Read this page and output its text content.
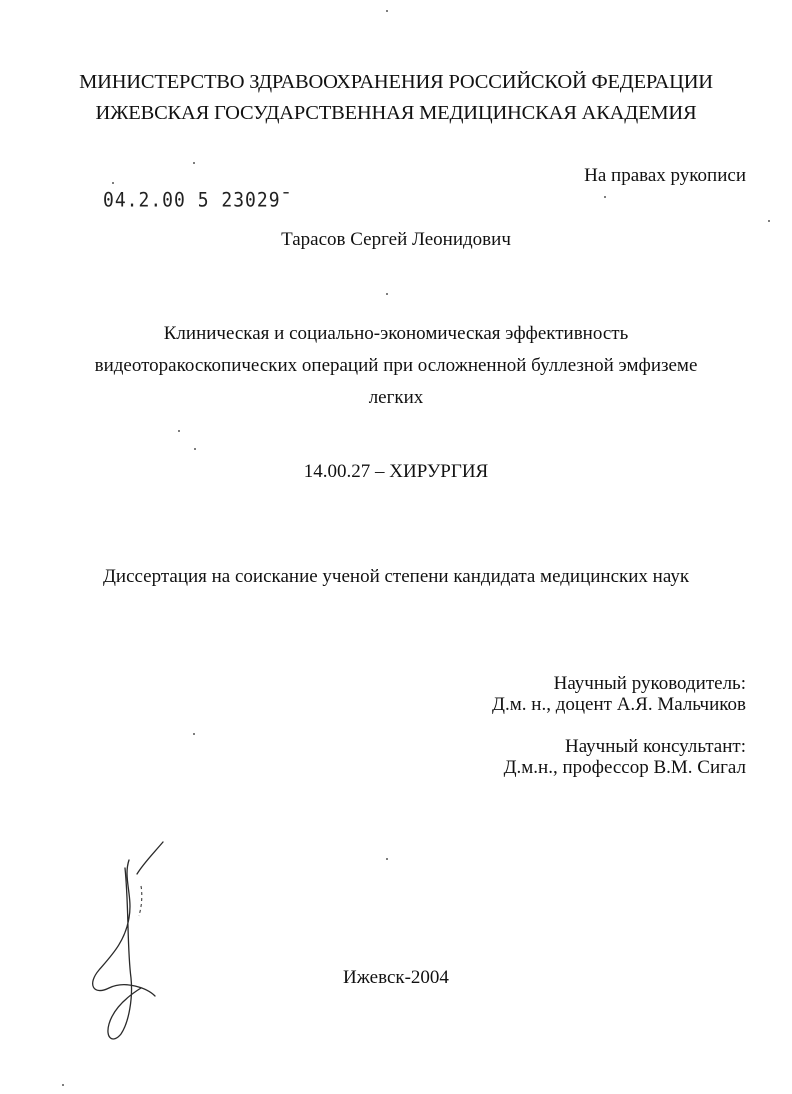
МИНИСТЕРСТВО ЗДРАВООХРАНЕНИЯ РОССИЙСКОЙ ФЕДЕРАЦИИ
ИЖЕВСКАЯ ГОСУДАРСТВЕННАЯ МЕДИЦИНСКАЯ АКАДЕМИЯ
На правах рукописи
04.2.00 5 23029¯
Тарасов Сергей Леонидович
Клиническая и социально-экономическая эффективность
видеоторакоскопических операций при осложненной буллезной эмфиземе
легких
14.00.27 – ХИРУРГИЯ
Диссертация на соискание ученой степени кандидата медицинских наук
Научный руководитель:
Д.м. н., доцент А.Я. Мальчиков
Научный консультант:
Д.м.н., профессор В.М. Сигал
Ижевск-2004
